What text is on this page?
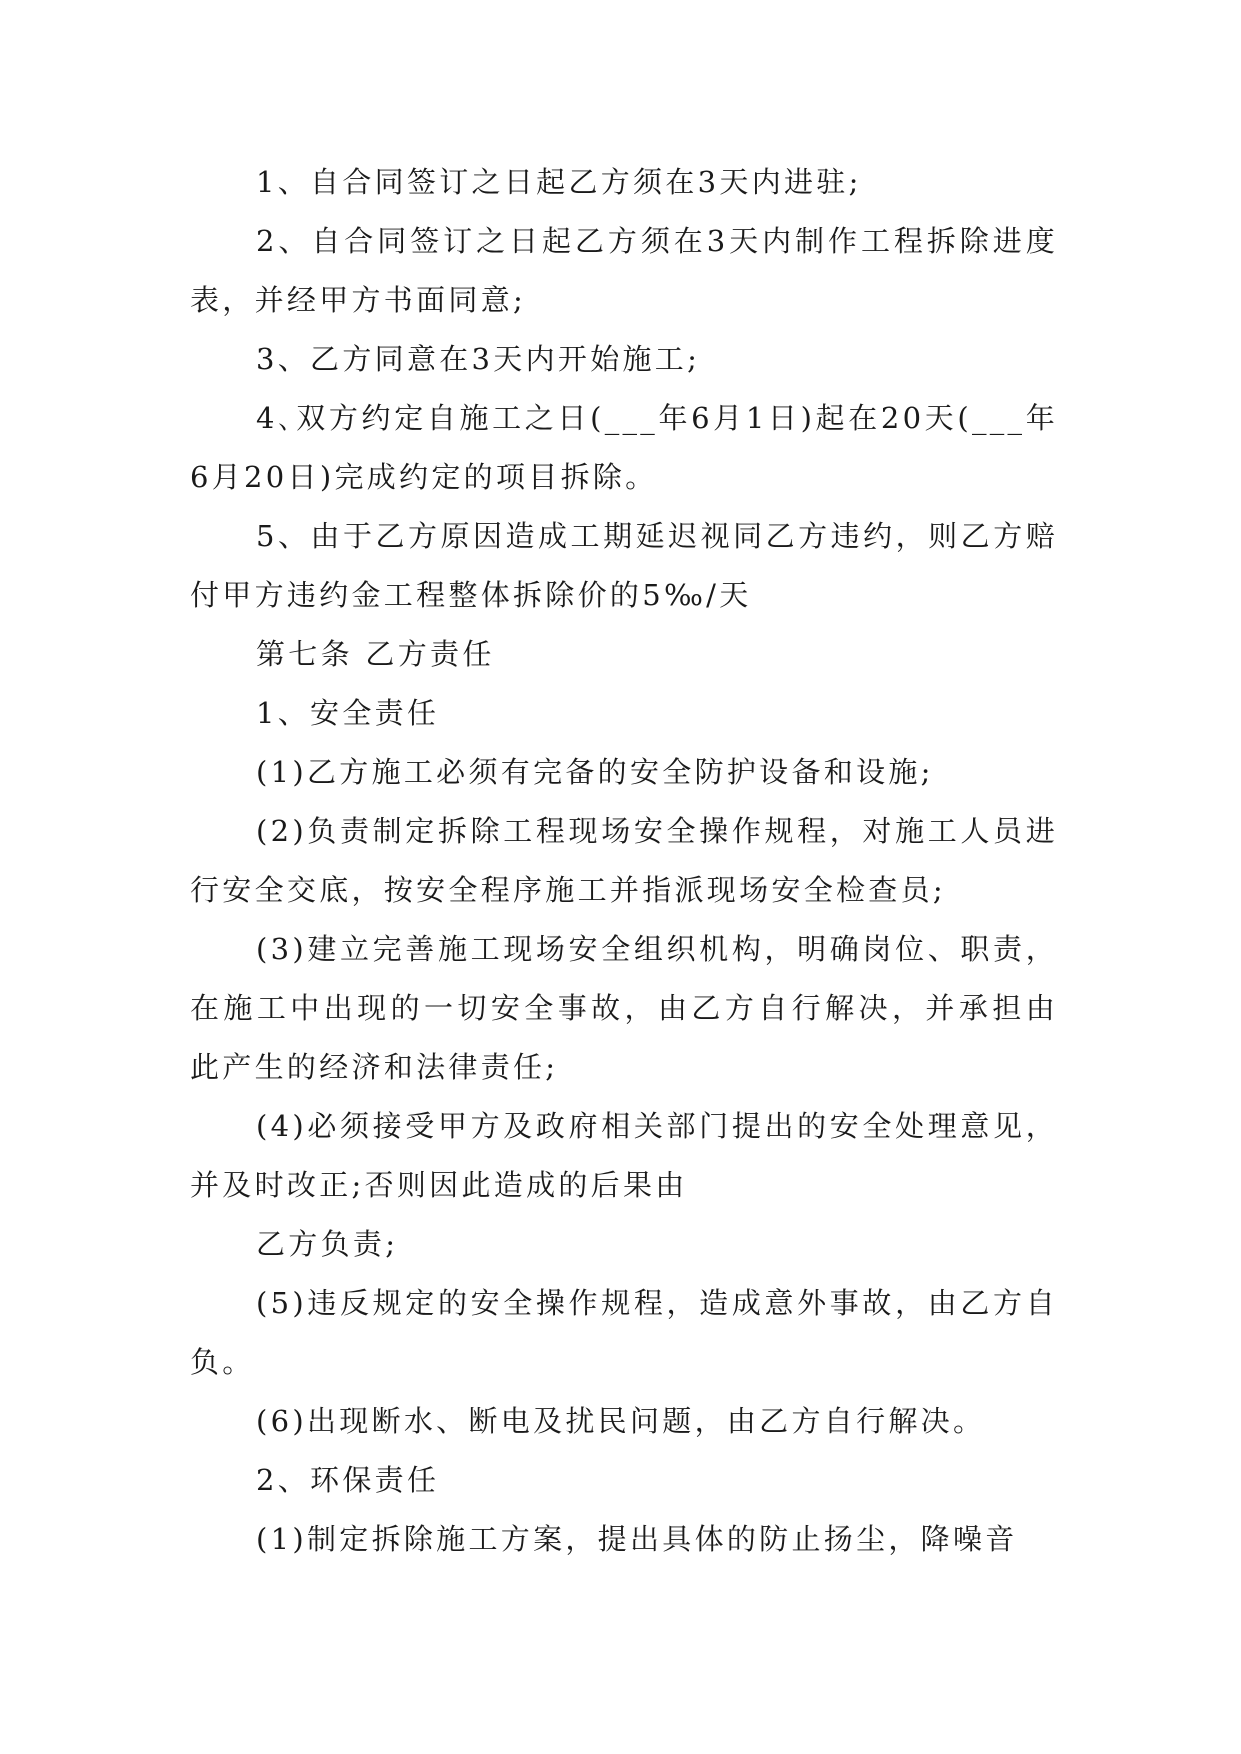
1、自合同签订之日起乙方须在3天内进驻;

2、自合同签订之日起乙方须在3天内制作工程拆除进度表，并经甲方书面同意;

3、乙方同意在3天内开始施工;

4､双方约定自施工之日(___年6月1日)起在20天(___年6月20日)完成约定的项目拆除。

5、由于乙方原因造成工期延迟视同乙方违约，则乙方赔付甲方违约金工程整体拆除价的5‰/天

第七条 乙方责任

1、安全责任

(1)乙方施工必须有完备的安全防护设备和设施;

(2)负责制定拆除工程现场安全操作规程，对施工人员进行安全交底，按安全程序施工并指派现场安全检查员;

(3)建立完善施工现场安全组织机构，明确岗位、职责，在施工中出现的一切安全事故，由乙方自行解决，并承担由此产生的经济和法律责任;

(4)必须接受甲方及政府相关部门提出的安全处理意见，并及时改正;否则因此造成的后果由

乙方负责;

(5)违反规定的安全操作规程，造成意外事故，由乙方自负。

(6)出现断水、断电及扰民问题，由乙方自行解决。

2、环保责任

(1)制定拆除施工方案，提出具体的防止扬尘，降噪音
